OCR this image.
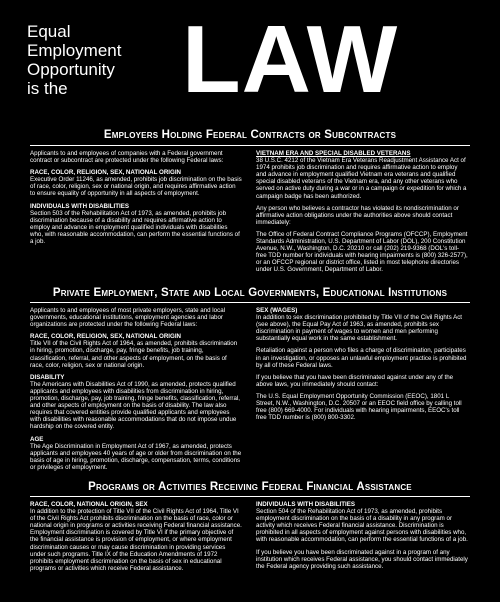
Equal
Employment
Opportunity
is the	LAW
Employers Holding Federal Contracts or Subcontracts

Applicants to and employees of companies with a Federal government contract or subcontract are protected under the following Federal laws:

RACE, COLOR, RELIGION, SEX, NATIONAL ORIGIN
Executive Order 11246, as amended, prohibits job discrimination on the basis of race, color, religion, sex or national origin, and requires affirmative action to ensure equality of opportunity in all aspects of employment.

INDIVIDUALS WITH DISABILITIES
Section 503 of the Rehabilitation Act of 1973, as amended, prohibits job discrimination because of a disability and requires affirmative action to employ and advance in employment qualified individuals with disabilities who, with reasonable accommodation, can perform the essential functions of a job.

VIETNAM ERA AND SPECIAL DISABLED VETERANS
38 U.S.C. 4212 of the Vietnam Era Veterans Readjustment Assistance Act of 1974 prohibits job discrimination and requires affirmative action to employ and advance in employment qualified Vietnam era veterans and qualified special disabled veterans of the Vietnam era, and any other veterans who served on active duty during a war or in a campaign or expedition for which a campaign badge has been authorized.

Any person who believes a contractor has violated its nondiscrimination or affirmative action obligations under the authorities above should contact immediately:

The Office of Federal Contract Compliance Programs (OFCCP), Employment Standards Administration, U.S. Department of Labor (DOL), 200 Constitution Avenue, N.W., Washington, D.C. 20210 or call (202) 219-9368 (DOL's toll-free TDD number for individuals with hearing impairments is (800) 326-2577), or an OFCCP regional or district office, listed in most telephone directories under U.S. Government, Department of Labor.

Private Employment, State and Local Governments, Educational Institutions

Applicants to and employees of most private employers, state and local governments, educational institutions, employment agencies and labor organizations are protected under the following Federal laws:

RACE, COLOR, RELIGION, SEX, NATIONAL ORIGIN
Title VII of the Civil Rights Act of 1964, as amended, prohibits discrimination in hiring, promotion, discharge, pay, fringe benefits, job training, classification, referral, and other aspects of employment, on the basis of race, color, religion, sex or national origin.

DISABILITY
The Americans with Disabilities Act of 1990, as amended, protects qualified applicants and employees with disabilities from discrimination in hiring, promotion, discharge, pay, job training, fringe benefits, classification, referral, and other aspects of employment on the basis of disability. The law also requires that covered entities provide qualified applicants and employees with disabilities with reasonable accommodations that do not impose undue hardship on the covered entity.

AGE
The Age Discrimination in Employment Act of 1967, as amended, protects applicants and employees 40 years of age or older from discrimination on the basis of age in hiring, promotion, discharge, compensation, terms, conditions or privileges of employment.

SEX (WAGES)
In addition to sex discrimination prohibited by Title VII of the Civil Rights Act (see above), the Equal Pay Act of 1963, as amended, prohibits sex discrimination in payment of wages to women and men performing substantially equal work in the same establishment.

Retaliation against a person who files a charge of discrimination, participates in an investigation, or opposes an unlawful employment practice is prohibited by all of these Federal laws.

If you believe that you have been discriminated against under any of the above laws, you immediately should contact:

The U.S. Equal Employment Opportunity Commission (EEOC), 1801 L Street, N.W., Washington, D.C. 20507 or an EEOC field office by calling toll free (800) 669-4000. For individuals with hearing impairments, EEOC's toll free TDD number is (800) 800-3302.

Programs or Activities Receiving Federal Financial Assistance

RACE, COLOR, NATIONAL ORIGIN, SEX
In addition to the protection of Title VII of the Civil Rights Act of 1964, Title VI of the Civil Rights Act prohibits discrimination on the basis of race, color or national origin in programs or activities receiving Federal financial assistance. Employment discrimination is covered by Title VI if the primary objective of the financial assistance is provision of employment, or where employment discrimination causes or may cause discrimination in providing services under such programs. Title IX of the Education Amendments of 1972 prohibits employment discrimination on the basis of sex in educational programs or activities which receive Federal assistance.

INDIVIDUALS WITH DISABILITIES
Section 504 of the Rehabilitation Act of 1973, as amended, prohibits employment discrimination on the basis of a disability in any program or activity which receives Federal financial assistance. Discrimination is prohibited in all aspects of employment against persons with disabilities who, with reasonable accommodation, can perform the essential functions of a job.

If you believe you have been discriminated against in a program of any institution which receives Federal assistance, you should contact immediately the Federal agency providing such assistance.
